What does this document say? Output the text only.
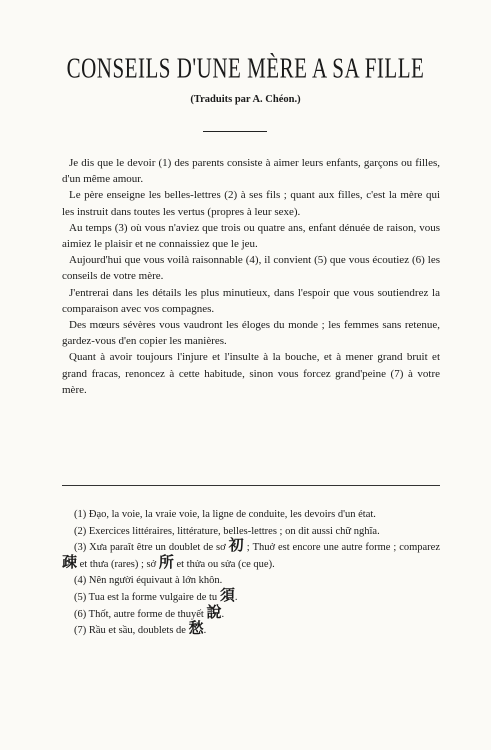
CONSEILS D'UNE MÈRE A SA FILLE
(Traduits par A. Chéon.)

Je dis que le devoir (1) des parents consiste à aimer leurs enfants, garçons ou filles, d'un même amour.

Le père enseigne les belles-lettres (2) à ses fils ; quant aux filles, c'est la mère qui les instruit dans toutes les vertus (propres à leur sexe).

Au temps (3) où vous n'aviez que trois ou quatre ans, enfant dénuée de raison, vous aimiez le plaisir et ne connaissiez que le jeu.

Aujourd'hui que vous voilà raisonnable (4), il convient (5) que vous écoutiez (6) les conseils de votre mère.

J'entrerai dans les détails les plus minutieux, dans l'espoir que vous soutiendrez la comparaison avec vos compagnes.

Des mœurs sévères vous vaudront les éloges du monde ; les femmes sans retenue, gardez-vous d'en copier les manières.

Quant à avoir toujours l'injure et l'insulte à la bouche, et à mener grand bruit et grand fracas, renoncez à cette habitude, sinon vous forcez grand'peine (7) à votre mère.

(1) Đạo, la voie, la vraie voie, la ligne de conduite, les devoirs d'un état.

(2) Exercices littéraires, littérature, belles-lettres ; on dit aussi chữ nghĩa.

(3) Xưa paraît être un doublet de sơ 初 ; Thuở est encore une autre forme ; comparez 疎 et thưa (rares) ; sở 所 et thửa ou sửa (ce que).

(4) Nên người équivaut à lớn khôn.

(5) Tua est la forme vulgaire de tu 須.

(6) Thốt, autre forme de thuyết 說.

(7) Rầu et sầu, doublets de 愁.
